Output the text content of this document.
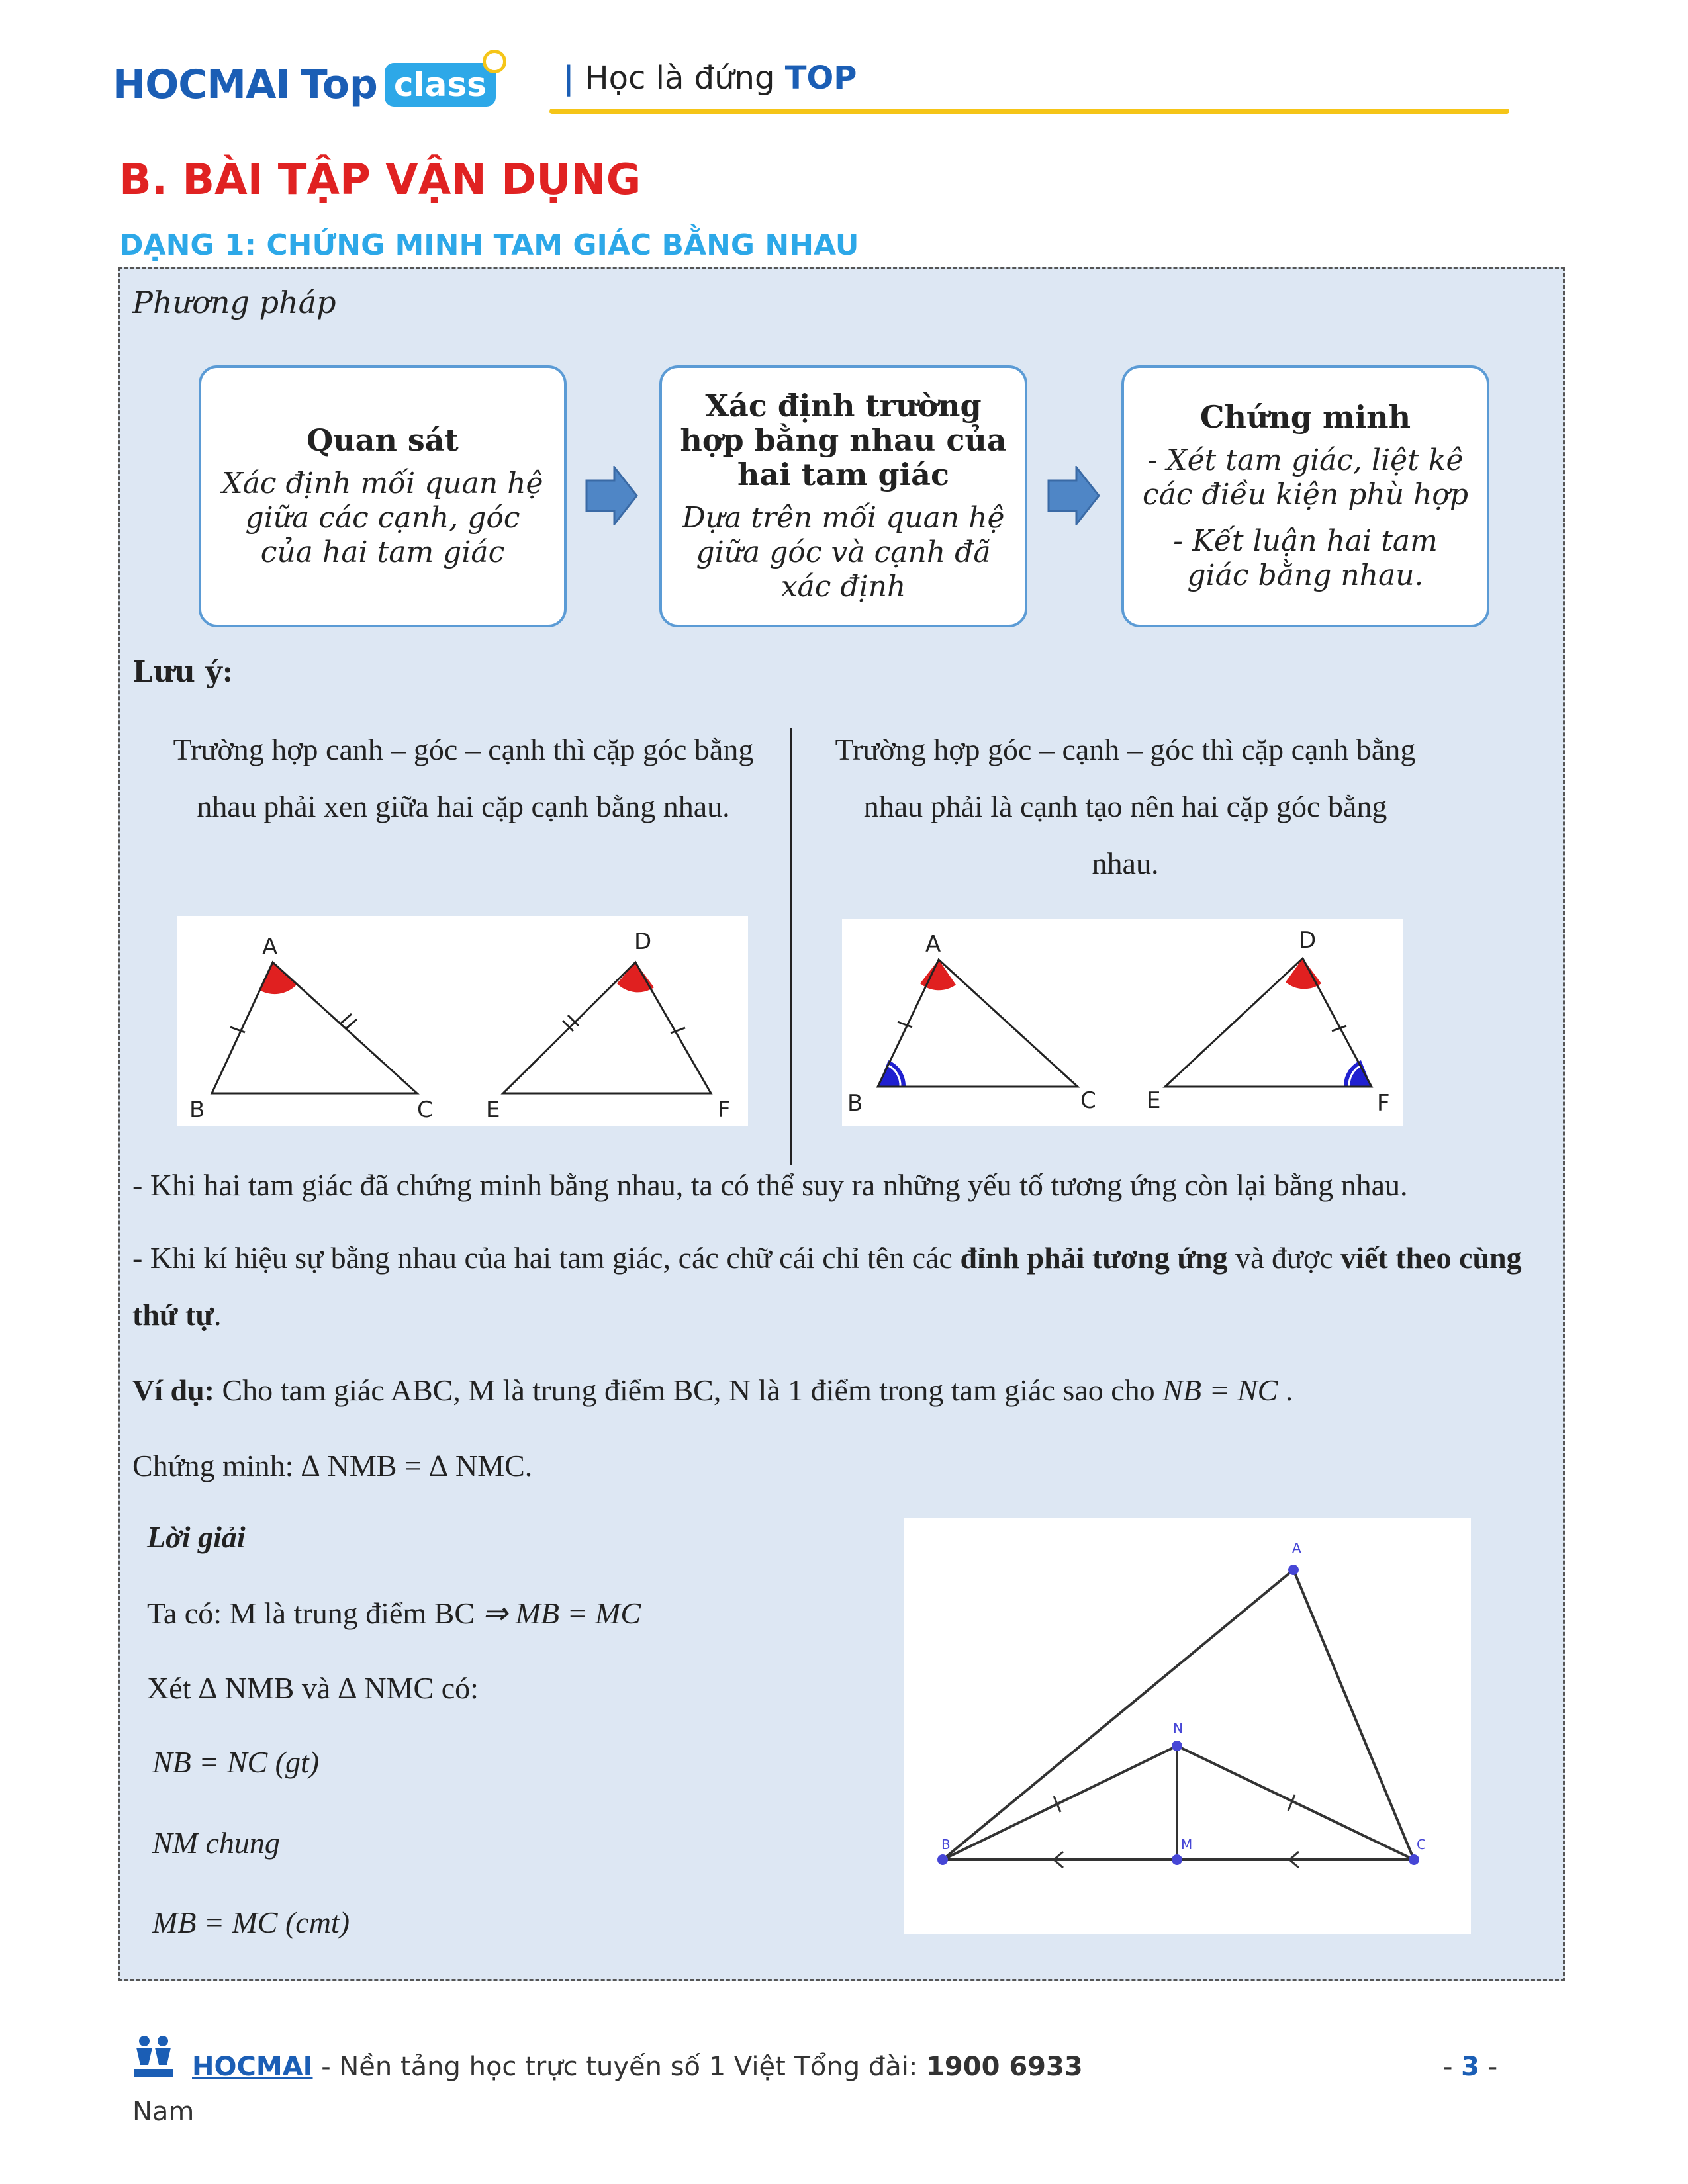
HOCMAI Top class | Học là đứng TOP
B. BÀI TẬP VẬN DỤNG
DẠNG 1: CHỨNG MINH TAM GIÁC BẰNG NHAU
Phương pháp
Quan sát
Xác định mối quan hệ giữa các cạnh, góc của hai tam giác
Xác định trường hợp bằng nhau của hai tam giác
Dựa trên mối quan hệ giữa góc và cạnh đã xác định
Chứng minh
- Xét tam giác, liệt kê các điều kiện phù hợp
- Kết luận hai tam giác bằng nhau.
Lưu ý:
Trường hợp canh – góc – cạnh thì cặp góc bằng nhau phải xen giữa hai cặp cạnh bằng nhau.
Trường hợp góc – cạnh – góc thì cặp cạnh bằng nhau phải là cạnh tạo nên hai cặp góc bằng nhau.
A
B	C
D
E	F
A
B	C
D
E	F
- Khi hai tam giác đã chứng minh bằng nhau, ta có thể suy ra những yếu tố tương ứng còn lại bằng nhau.
- Khi kí hiệu sự bằng nhau của hai tam giác, các chữ cái chỉ tên các đỉnh phải tương ứng và được viết theo cùng thứ tự.
Ví dụ: Cho tam giác ABC, M là trung điểm BC, N là 1 điểm trong tam giác sao cho NB = NC .
Chứng minh: ∆ NMB = ∆ NMC.
Lời giải
Ta có: M là trung điểm BC ⇒ MB = MC
Xét ∆ NMB và ∆ NMC có:
NB = NC (gt)
NM chung
MB = MC (cmt)
A
N
B	M	C
HOCMAI - Nền tảng học trực tuyến số 1 Việt Tổng đài: 1900 6933	- 3 -
Nam
